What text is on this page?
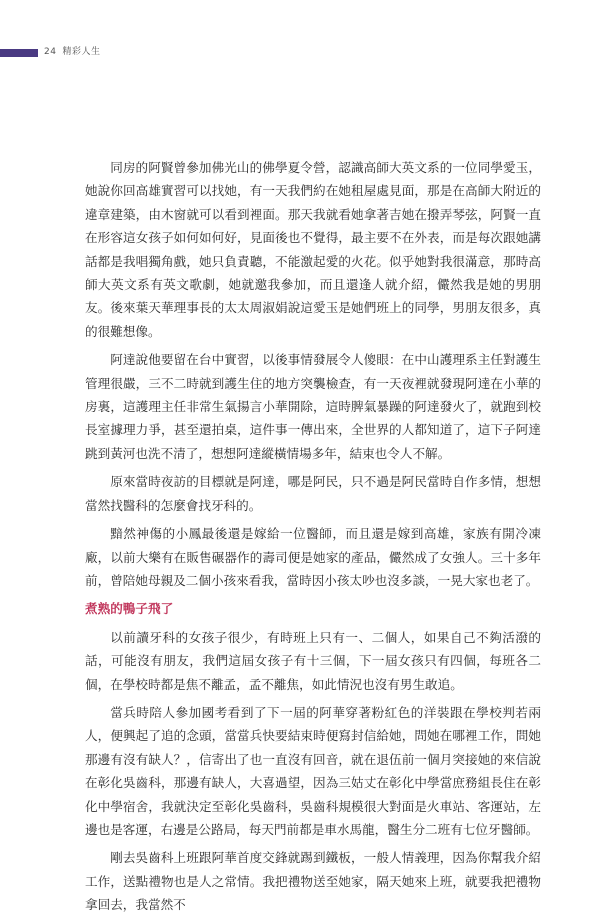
24 精彩人生

同房的阿賢曾參加佛光山的佛學夏令營，認識高師大英文系的一位同學愛玉，她說你回高雄實習可以找她，有一天我們約在她租屋處見面，那是在高師大附近的違章建築，由木窗就可以看到裡面。那天我就看她拿著吉她在撥弄琴弦，阿賢一直在形容這女孩子如何如何好，見面後也不覺得，最主要不在外表，而是每次跟她講話都是我唱獨角戲，她只負責聽，不能激起愛的火花。似乎她對我很滿意，那時高師大英文系有英文歌劇，她就邀我參加，而且還逢人就介紹，儼然我是她的男朋友。後來葉天華理事長的太太周淑娟說這愛玉是她們班上的同學，男朋友很多，真的很難想像。

阿達說他要留在台中實習，以後事情發展令人傻眼：在中山護理系主任對護生管理很嚴，三不二時就到護生住的地方突襲檢查，有一天夜裡就發現阿達在小華的房裏，這護理主任非常生氣揚言小華開除，這時脾氣暴躁的阿達發火了，就跑到校長室據理力爭，甚至還拍桌，這件事一傳出來，全世界的人都知道了，這下子阿達跳到黃河也洗不清了，想想阿達縱橫情場多年，結束也令人不解。

原來當時夜訪的目標就是阿達，哪是阿民，只不過是阿民當時自作多情，想想當然找醫科的怎麼會找牙科的。

黯然神傷的小鳳最後還是嫁給一位醫師，而且還是嫁到高雄，家族有開冷凍廠，以前大樂有在販售碾器作的壽司便是她家的產品，儼然成了女強人。三十多年前，曾陪她母親及二個小孩來看我，當時因小孩太吵也沒多談，一晃大家也老了。

煮熟的鴨子飛了

以前讀牙科的女孩子很少，有時班上只有一、二個人，如果自己不夠活潑的話，可能沒有朋友，我們這屆女孩子有十三個，下一屆女孩只有四個，每班各二個，在學校時都是焦不離孟，孟不離焦，如此情況也沒有男生敢追。

當兵時陪人參加國考看到了下一屆的阿華穿著粉紅色的洋裝跟在學校判若兩人，便興起了追的念頭，當當兵快要結束時便寫封信給她，問她在哪裡工作，問她那邊有沒有缺人？，信寄出了也一直沒有回音，就在退伍前一個月突接她的來信說在彰化吳齒科，那邊有缺人，大喜過望，因為三姑丈在彰化中學當庶務組長住在彰化中學宿舍，我就決定至彰化吳齒科，吳齒科規模很大對面是火車站、客運站，左邊也是客運，右邊是公路局，每天門前都是車水馬龍，醫生分二班有七位牙醫師。

剛去吳齒科上班跟阿華首度交鋒就踢到鐵板，一般人情義理，因為你幫我介紹工作，送點禮物也是人之常情。我把禮物送至她家，隔天她來上班，就要我把禮物拿回去，我當然不
